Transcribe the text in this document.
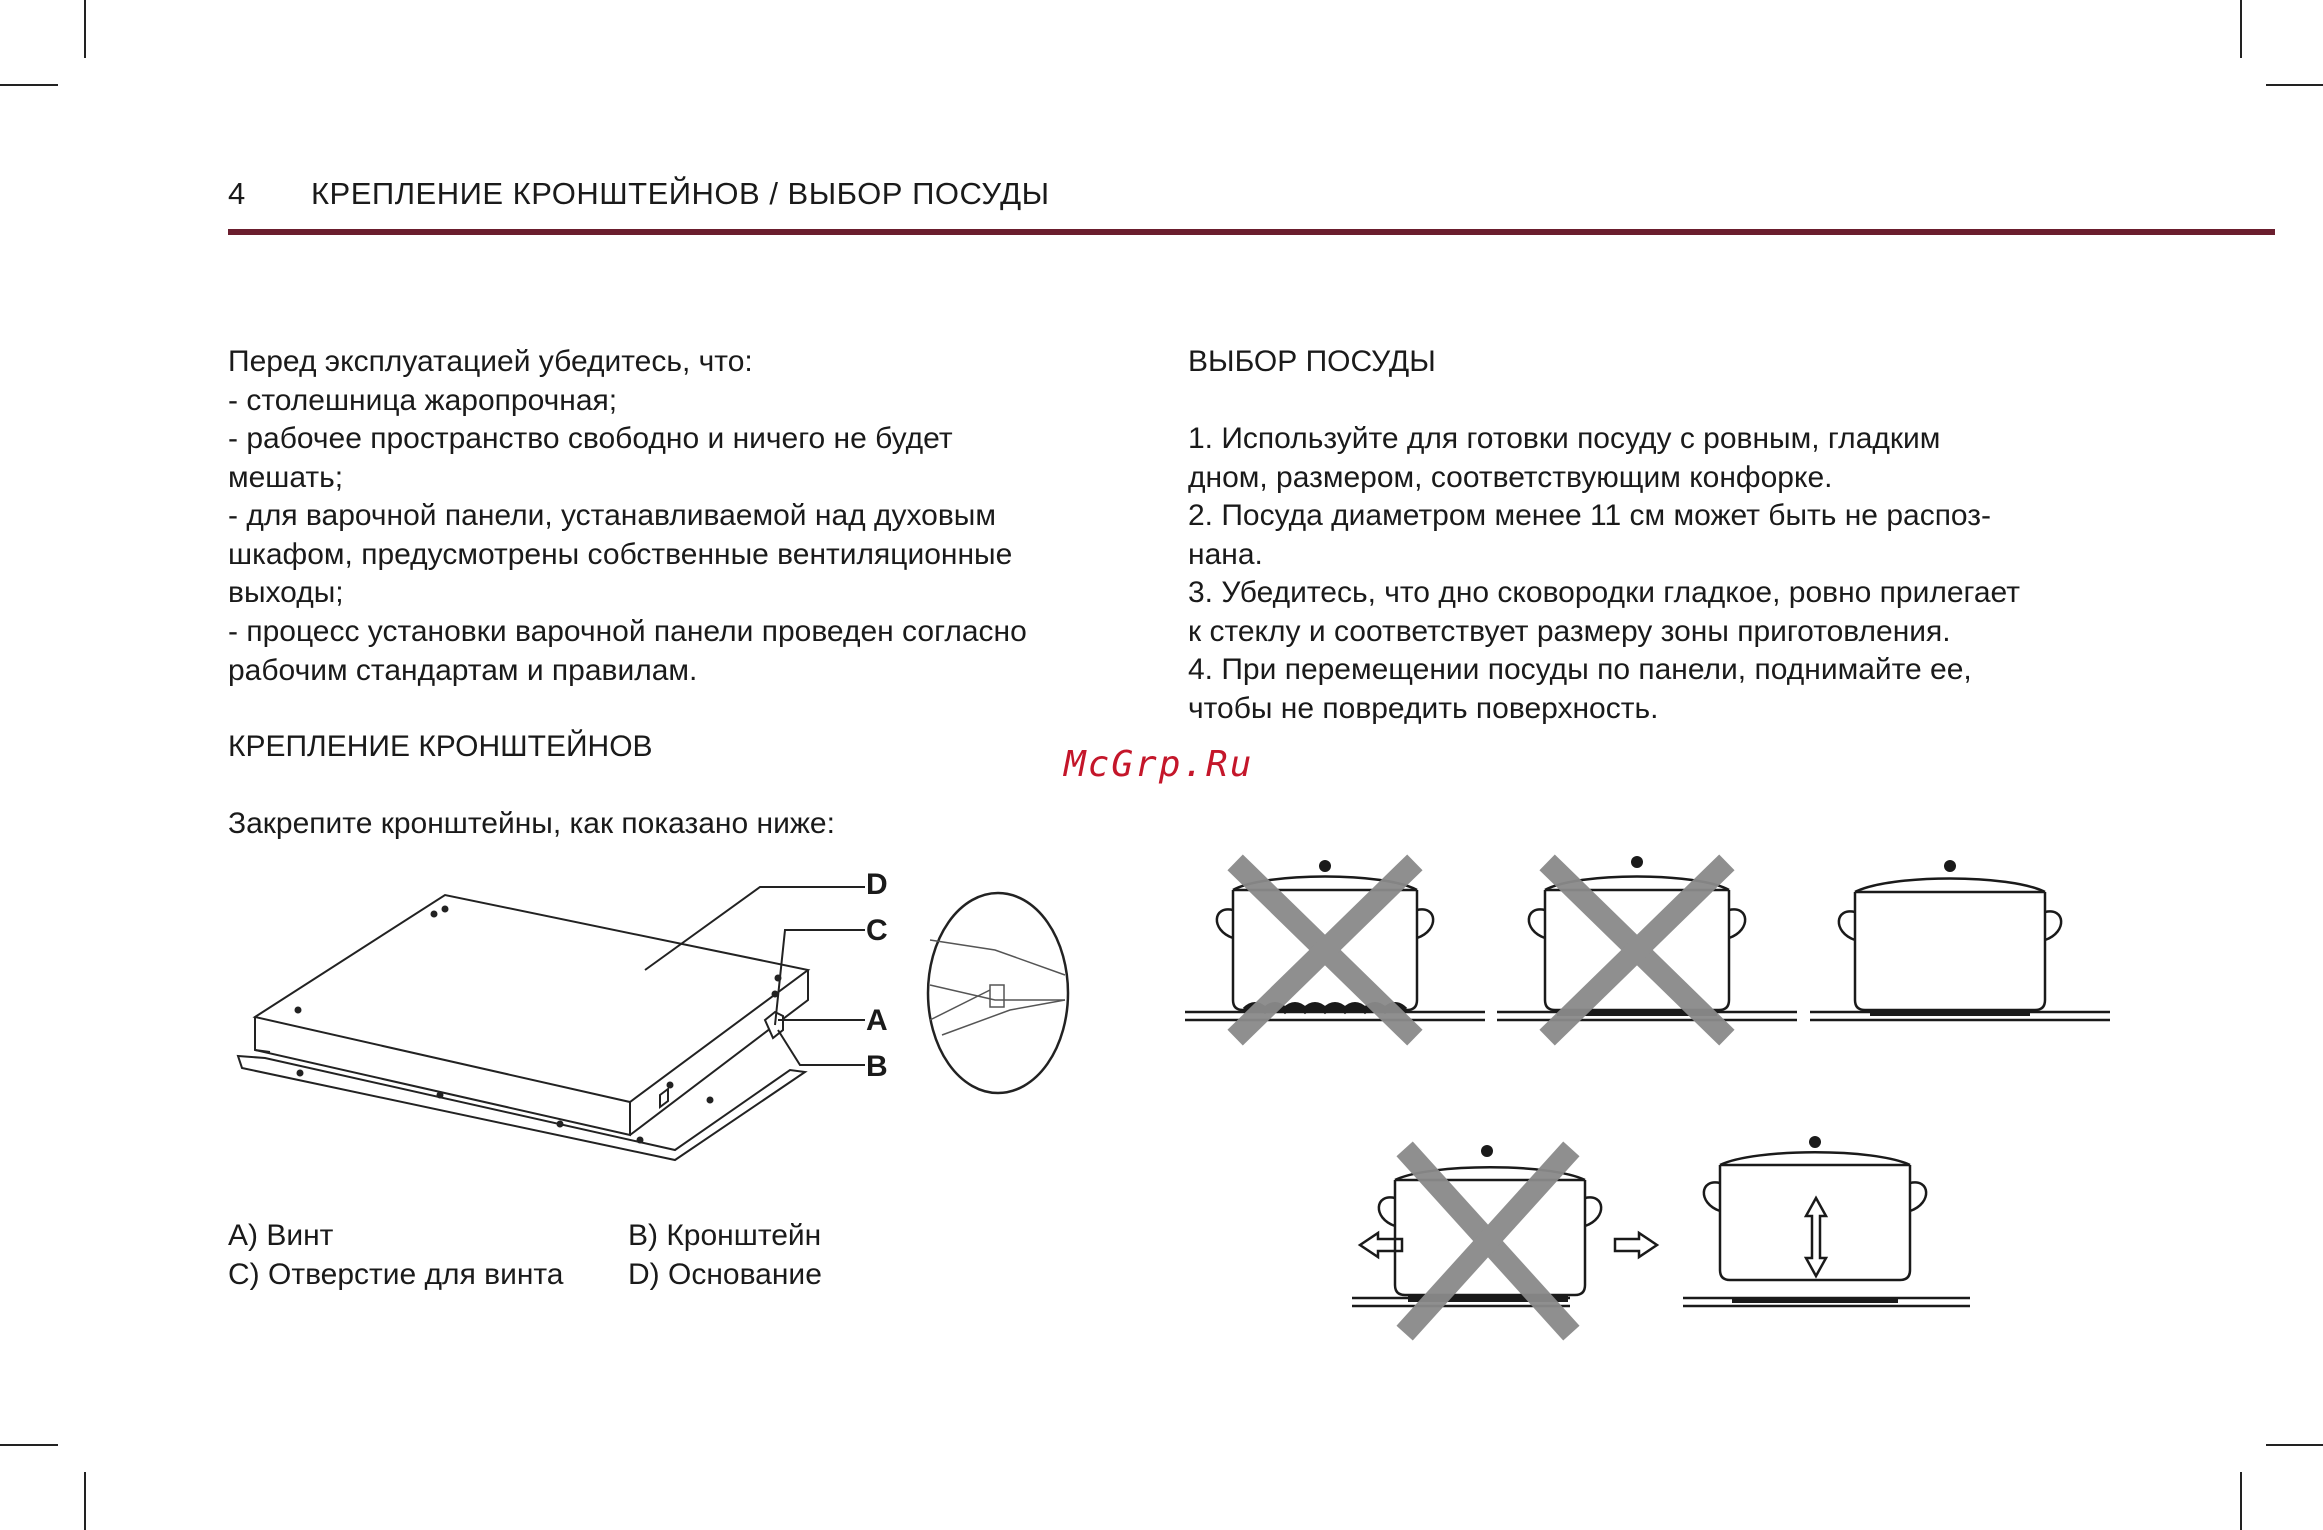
4 КРЕПЛЕНИЕ КРОНШТЕЙНОВ / ВЫБОР ПОСУДЫ
Перед эксплуатацией убедитесь, что:
- столешница жаропрочная;
- рабочее пространство свободно и ничего не будет
мешать;
- для варочной панели, устанавливаемой над духовым
шкафом, предусмотрены собственные вентиляционные
выходы;
- процесс установки варочной панели проведен согласно
рабочим стандартам и правилам.
КРЕПЛЕНИЕ КРОНШТЕЙНОВ
Закрепите кронштейны, как показано ниже:
D
C
A
B
A) Винт	B) Кронштейн
C) Отверстие для винта D) Основание
ВЫБОР ПОСУДЫ
1. Используйте для готовки посуду с ровным, гладким
дном, размером, соответствующим конфорке.
2. Посуда диаметром менее 11 см может быть не распоз-
нана.
3. Убедитесь, что дно сковородки гладкое, ровно прилегает
к стеклу и соответствует размеру зоны приготовления.
4. При перемещении посуды по панели, поднимайте ее,
чтобы не повредить поверхность.
McGrp.Ru
